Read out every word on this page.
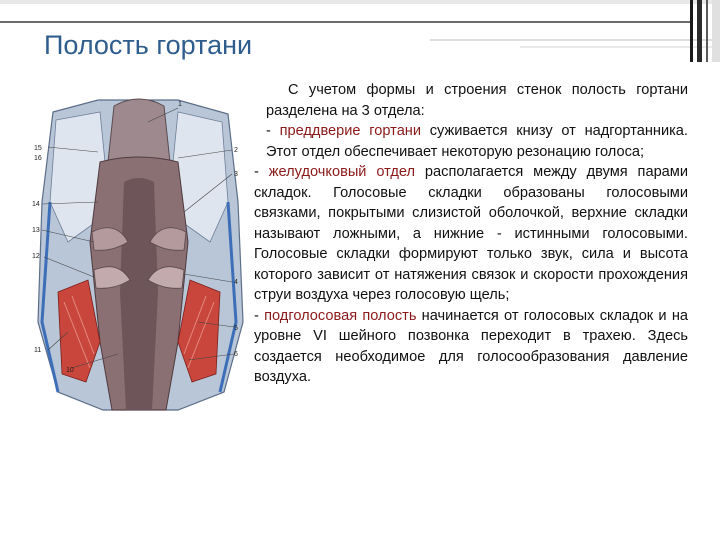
Полость гортани
15
1
16
2
14
3
13
12
4
11
5
10
6

С учетом формы и строения стенок полость гортани разделена на 3 отдела:

- преддверие гортани суживается книзу от надгортанника. Этот отдел обеспечивает некоторую резонацию голоса;

- желудочковый отдел располагается между двумя парами складок. Голосовые складки образованы голосовыми связками, покрытыми слизистой оболочкой, верхние складки называют ложными, а нижние - истинными голосовыми. Голосовые складки формируют только звук, сила и высота которого зависит от натяжения связок и скорости прохождения струи воздуха через голосовую щель;

- подголосовая полость начинается от голосовых складок и на уровне VI шейного позвонка переходит в трахею. Здесь создается необходимое для голосообразования давление воздуха.
